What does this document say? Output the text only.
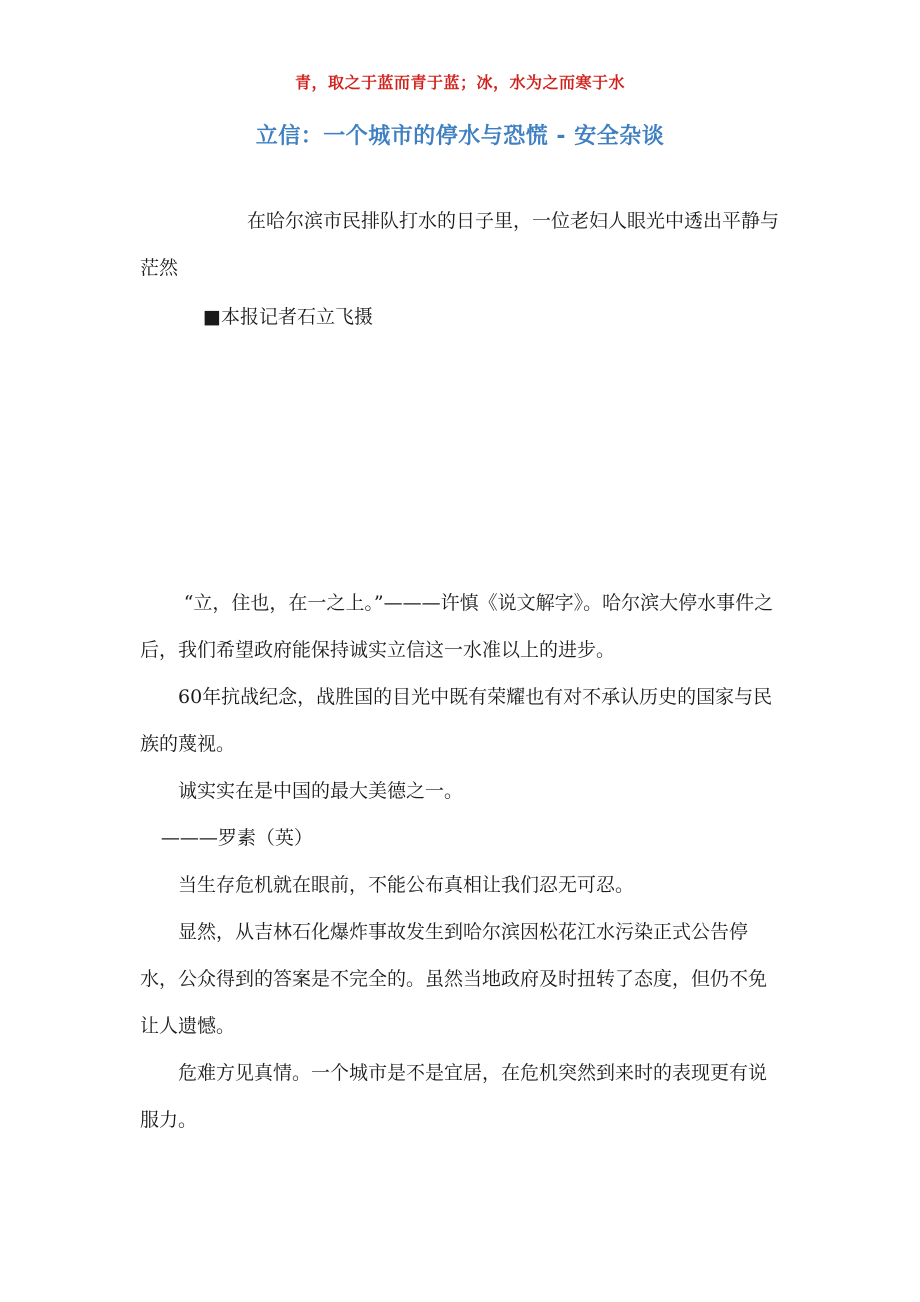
青，取之于蓝而青于蓝；冰，水为之而寒于水
立信：一个城市的停水与恐慌 - 安全杂谈

在哈尔滨市民排队打水的日子里，一位老妇人眼光中透出平静与茫然

■本报记者石立飞摄

“立，住也，在一之上。”———许慎《说文解字》。哈尔滨大停水事件之后，我们希望政府能保持诚实立信这一水准以上的进步。

60年抗战纪念，战胜国的目光中既有荣耀也有对不承认历史的国家与民族的蔑视。

诚实实在是中国的最大美德之一。

———罗素（英）

当生存危机就在眼前，不能公布真相让我们忍无可忍。

显然，从吉林石化爆炸事故发生到哈尔滨因松花江水污染正式公告停水，公众得到的答案是不完全的。虽然当地政府及时扭转了态度，但仍不免让人遗憾。

危难方见真情。一个城市是不是宜居，在危机突然到来时的表现更有说服力。
